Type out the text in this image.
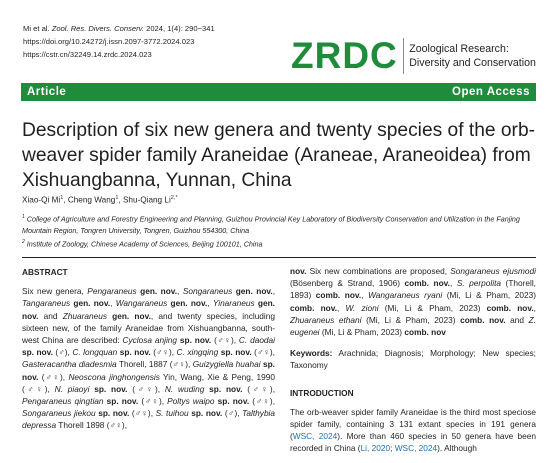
Mi et al. Zool. Res. Divers. Conserv. 2024, 1(4): 290−341
https://doi.org/10.24272/j.issn.2097-3772.2024.023
https://cstr.cn/32249.14.zrdc.2024.023	ZRDC Zoological Research:
Diversity and Conservation
Article	Open Access
Description of six new genera and twenty species of the orb-weaver spider family Araneidae (Araneae, Araneoidea) from Xishuangbanna, Yunnan, China
Xiao-Qi Mi$^1$, Cheng Wang$^1$, Shu-Qiang $Li^{2,*}$
$^1$ College of Agriculture and Forestry Engineering and Planning, Guizhou Provincial Key Laboratory of Biodiversity Conservation and Utilization in the Fanjing Mountain Region, Tongren University, Tongren, Guizhou 554300, China
$^2$ Institute of Zoology, Chinese Academy of Sciences, Beijing 100101, China

ABSTRACT

Six new genera, Pengaraneus gen. nov., Songaraneus gen. nov., Tangaraneus gen. nov., Wangaraneus gen. nov., Yinaraneus gen. nov. and Zhuaraneus gen. nov., and twenty species, including sixteen new, of the family Araneidae from Xishuangbanna, south-west China are described: Cyclosa anjing sp. nov. (♂♀), C. daodai sp. nov. (♂), C. longquan sp. nov. (♂♀), C. xingqing sp. nov. (♂♀), Gasteracantha diadesmia Thorell, 1887 (♂♀), Guizygiella huahai sp. nov. (♂♀), Neoscona jinghongensis Yin, Wang, Xie & Peng, 1990 (♂♀), N. piaoyi sp. nov. (♂♀), N. wuding sp. nov. (♂♀), Pengaraneus qingtian sp. nov. (♂♀), Poltys waipo sp. nov. (♂♀), Songaraneus jiekou sp. nov. (♂♀), S. tuihou sp. nov. (♂), Talthybia depressa Thorell 1898 (♂♀),

nov. Six new combinations are proposed, Songaraneus ejusmodi (Bösenberg & Strand, 1906) comb. nov., S. perpolita (Thorell, 1893) comb. nov., Wangaraneus ryani (Mi, Li & Pham, 2023) comb. nov., W. zioni (Mi, Li & Pham, 2023) comb. nov., Zhuaraneus ethani (Mi, Li & Pham, 2023) comb. nov. and Z. eugenei (Mi, Li & Pham, 2023) comb. nov

Keywords: Arachnida; Diagnosis; Morphology; New species; Taxonomy

INTRODUCTION

The orb-weaver spider family Araneidae is the third most speciose spider family, containing 3 131 extant species in 191 genera (WSC, 2024). More than 460 species in 50 genera have been recorded in China (Li, 2020; WSC, 2024). Although
